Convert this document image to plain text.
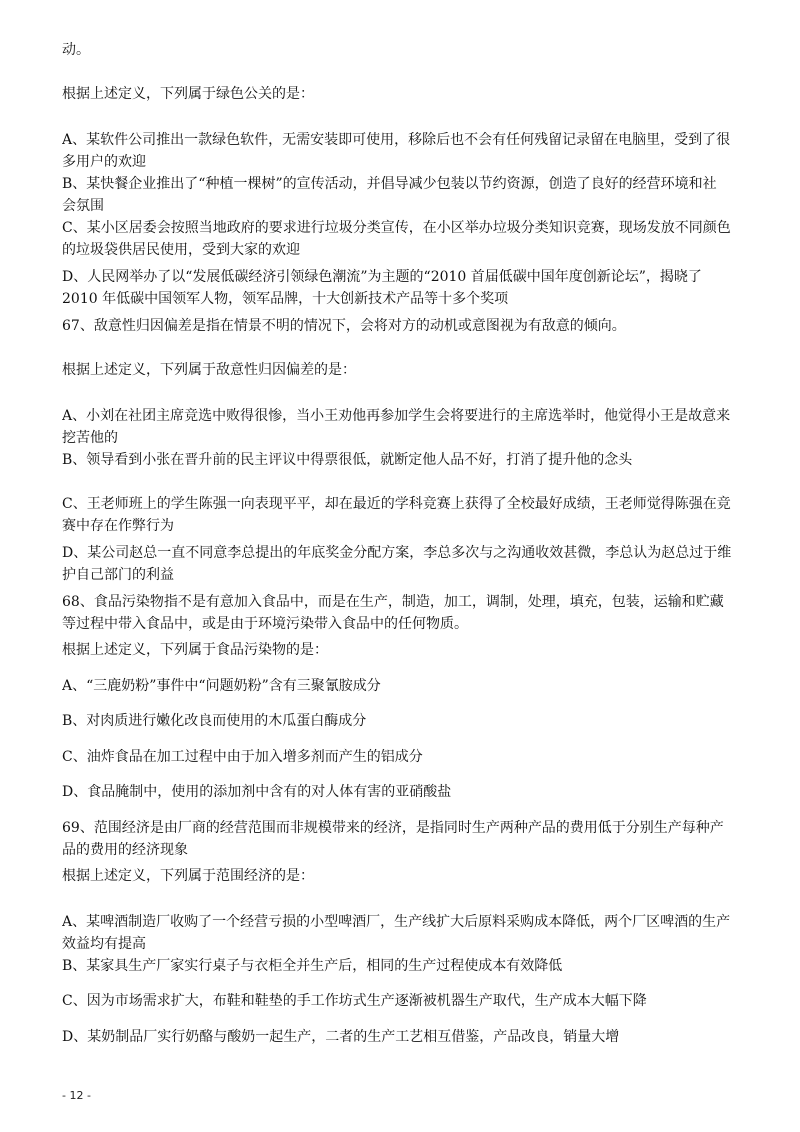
动。
根据上述定义，下列属于绿色公关的是：
A、某软件公司推出一款绿色软件，无需安装即可使用，移除后也不会有任何残留记录留在电脑里，受到了很
多用户的欢迎
B、某快餐企业推出了“种植一棵树”的宣传活动，并倡导减少包装以节约资源，创造了良好的经营环境和社
会氛围
C、某小区居委会按照当地政府的要求进行垃圾分类宣传，在小区举办垃圾分类知识竞赛，现场发放不同颜色
的垃圾袋供居民使用，受到大家的欢迎
D、人民网举办了以“发展低碳经济引领绿色潮流”为主题的“2010 首届低碳中国年度创新论坛”，揭晓了
2010 年低碳中国领军人物，领军品牌，十大创新技术产品等十多个奖项
67、敌意性归因偏差是指在情景不明的情况下，会将对方的动机或意图视为有敌意的倾向。
根据上述定义，下列属于敌意性归因偏差的是：
A、小刘在社团主席竞选中败得很惨，当小王劝他再参加学生会将要进行的主席选举时，他觉得小王是故意来
挖苦他的
B、领导看到小张在晋升前的民主评议中得票很低，就断定他人品不好，打消了提升他的念头
C、王老师班上的学生陈强一向表现平平，却在最近的学科竞赛上获得了全校最好成绩，王老师觉得陈强在竞
赛中存在作弊行为
D、某公司赵总一直不同意李总提出的年底奖金分配方案，李总多次与之沟通收效甚微，李总认为赵总过于维
护自己部门的利益
68、食品污染物指不是有意加入食品中，而是在生产，制造，加工，调制，处理，填充，包装，运输和贮藏
等过程中带入食品中，或是由于环境污染带入食品中的任何物质。
根据上述定义，下列属于食品污染物的是：
A、“三鹿奶粉”事件中“问题奶粉”含有三聚氰胺成分
B、对肉质进行嫩化改良而使用的木瓜蛋白酶成分
C、油炸食品在加工过程中由于加入增多剂而产生的铝成分
D、食品腌制中，使用的添加剂中含有的对人体有害的亚硝酸盐
69、范围经济是由厂商的经营范围而非规模带来的经济，是指同时生产两种产品的费用低于分别生产每种产
品的费用的经济现象
根据上述定义，下列属于范围经济的是：
A、某啤酒制造厂收购了一个经营亏损的小型啤酒厂，生产线扩大后原料采购成本降低，两个厂区啤酒的生产
效益均有提高
B、某家具生产厂家实行桌子与衣柜全并生产后，相同的生产过程使成本有效降低
C、因为市场需求扩大，布鞋和鞋垫的手工作坊式生产逐渐被机器生产取代，生产成本大幅下降
D、某奶制品厂实行奶酪与酸奶一起生产，二者的生产工艺相互借鉴，产品改良，销量大增
- 12 -
